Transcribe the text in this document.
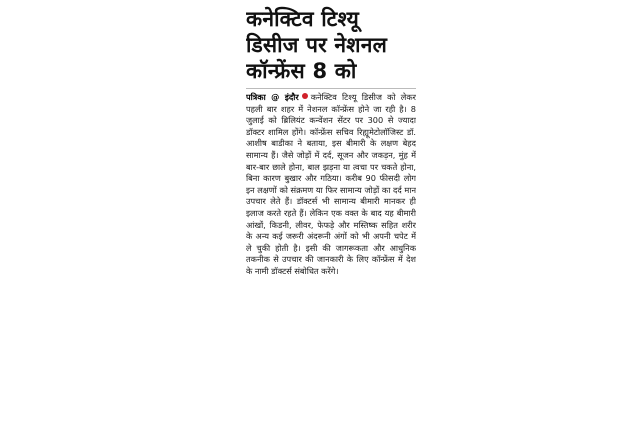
कनेक्टिव टिश्यू
डिसीज पर नेशनल
कॉन्फ्रेंस 8 को
पत्रिका @ इंदौर कनेक्टिव टिश्यू डिसीज को लेकर पहली बार शहर में नेशनल कॉन्फ्रेंस होने जा रही है। 8 जुलाई को ब्रिलियंट कन्वेंशन सेंटर पर 300 से ज्यादा डॉक्टर शामिल होंगे। कॉन्फ्रेंस सचिव रिह्यूमेटोलॉजिस्ट डॉ. आशीष बाडीका ने बताया, इस बीमारी के लक्षण बेहद सामान्य हैं। जैसे जोड़ों में दर्द, सूजन और जकड़न, मुंह में बार-बार छाले होना, बाल झड़ना या त्वचा पर चकते होना, बिना कारण बुखार और गठिया। करीब 90 फीसदी लोग इन लक्षणों को संक्रमण या फिर सामान्य जोड़ों का दर्द मान उपचार लेते हैं। डॉक्टर्स भी सामान्य बीमारी मानकर ही इलाज करते रहते हैं। लेकिन एक वक्त के बाद यह बीमारी आंखों, किडनी, लीवर, फेफड़े और मस्तिष्क सहित शरीर के अन्य कई जरूरी अंदरूनी अंगों को भी अपनी चपेट में ले चुकी होती है। इसी की जागरूकता और आधुनिक तकनीक से उपचार की जानकारी के लिए कॉन्फ्रेंस में देश के नामी डॉक्टर्स संबोधित करेंगे।
